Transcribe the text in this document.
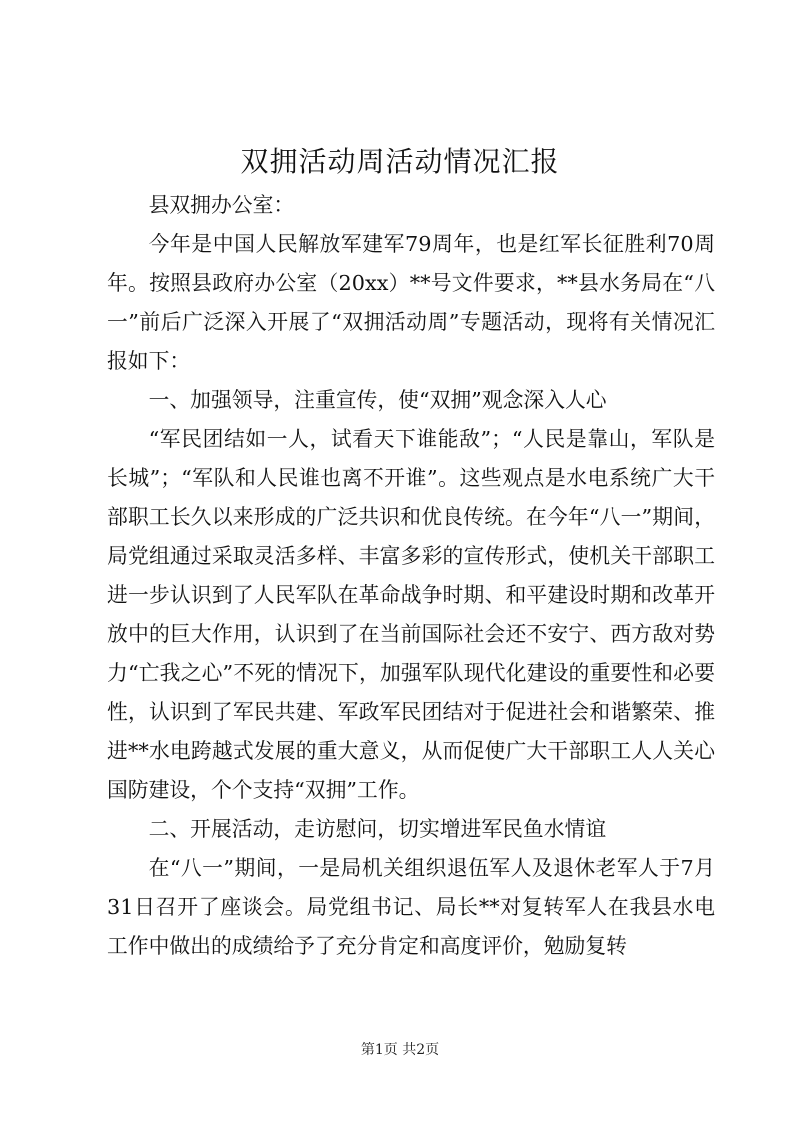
双拥活动周活动情况汇报

县双拥办公室：

今年是中国人民解放军建军79周年，也是红军长征胜利70周年。按照县政府办公室（20xx）**号文件要求，**县水务局在“八一”前后广泛深入开展了“双拥活动周”专题活动，现将有关情况汇报如下：

一、加强领导，注重宣传，使“双拥”观念深入人心

“军民团结如一人，试看天下谁能敌”；“人民是靠山，军队是长城”；“军队和人民谁也离不开谁”。这些观点是水电系统广大干部职工长久以来形成的广泛共识和优良传统。在今年“八一”期间，局党组通过采取灵活多样、丰富多彩的宣传形式，使机关干部职工进一步认识到了人民军队在革命战争时期、和平建设时期和改革开放中的巨大作用，认识到了在当前国际社会还不安宁、西方敌对势力“亡我之心”不死的情况下，加强军队现代化建设的重要性和必要性，认识到了军民共建、军政军民团结对于促进社会和谐繁荣、推进**水电跨越式发展的重大意义，从而促使广大干部职工人人关心国防建设，个个支持“双拥”工作。

二、开展活动，走访慰问，切实增进军民鱼水情谊

在“八一”期间，一是局机关组织退伍军人及退休老军人于7月31日召开了座谈会。局党组书记、局长**对复转军人在我县水电工作中做出的成绩给予了充分肯定和高度评价，勉励复转

第1页 共2页
